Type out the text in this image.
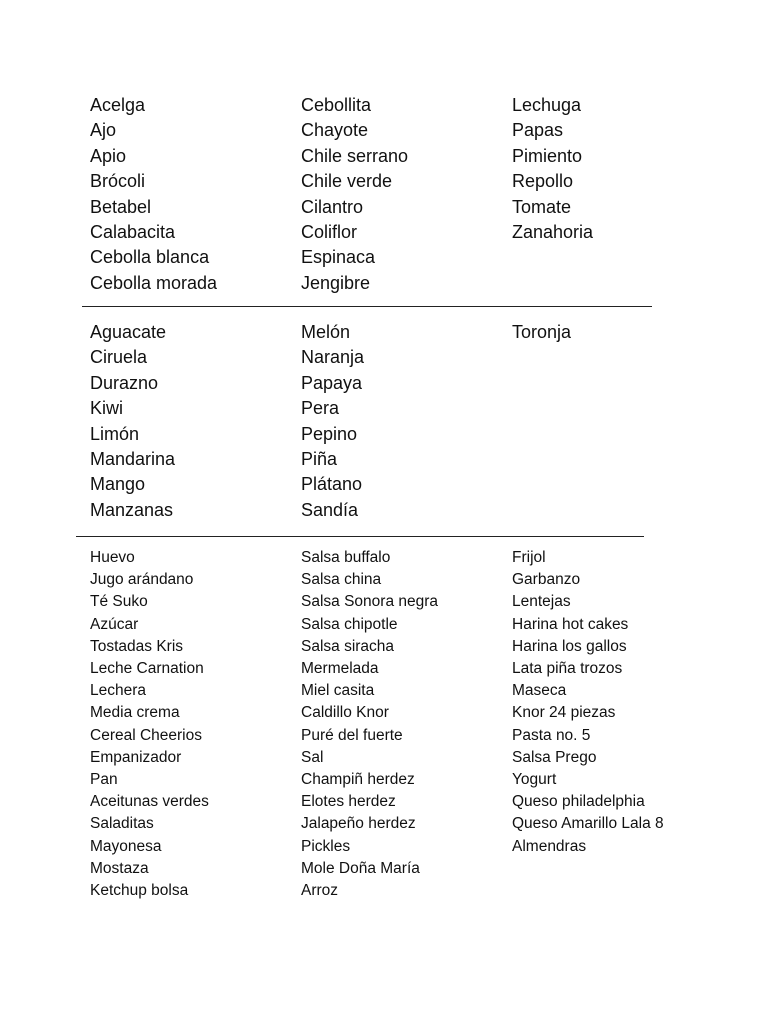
Acelga
Ajo
Apio
Brócoli
Betabel
Calabacita
Cebolla blanca
Cebolla morada
Cebollita
Chayote
Chile serrano
Chile verde
Cilantro
Coliflor
Espinaca
Jengibre
Lechuga
Papas
Pimiento
Repollo
Tomate
Zanahoria
Aguacate
Ciruela
Durazno
Kiwi
Limón
Mandarina
Mango
Manzanas
Melón
Naranja
Papaya
Pera
Pepino
Piña
Plátano
Sandía
Toronja
Huevo
Jugo arándano
Té Suko
Azúcar
Tostadas Kris
Leche Carnation
Lechera
Media crema
Cereal Cheerios
Empanizador
Pan
Aceitunas verdes
Saladitas
Mayonesa
Mostaza
Ketchup bolsa
Salsa buffalo
Salsa china
Salsa Sonora negra
Salsa chipotle
Salsa siracha
Mermelada
Miel casita
Caldillo Knor
Puré del fuerte
Sal
Champiñ herdez
Elotes herdez
Jalapeño herdez
Pickles
Mole Doña María
Arroz
Frijol
Garbanzo
Lentejas
Harina hot cakes
Harina los gallos
Lata piña trozos
Maseca
Knor 24 piezas
Pasta no. 5
Salsa Prego
Yogurt
Queso philadelphia
Queso Amarillo Lala 8
Almendras
